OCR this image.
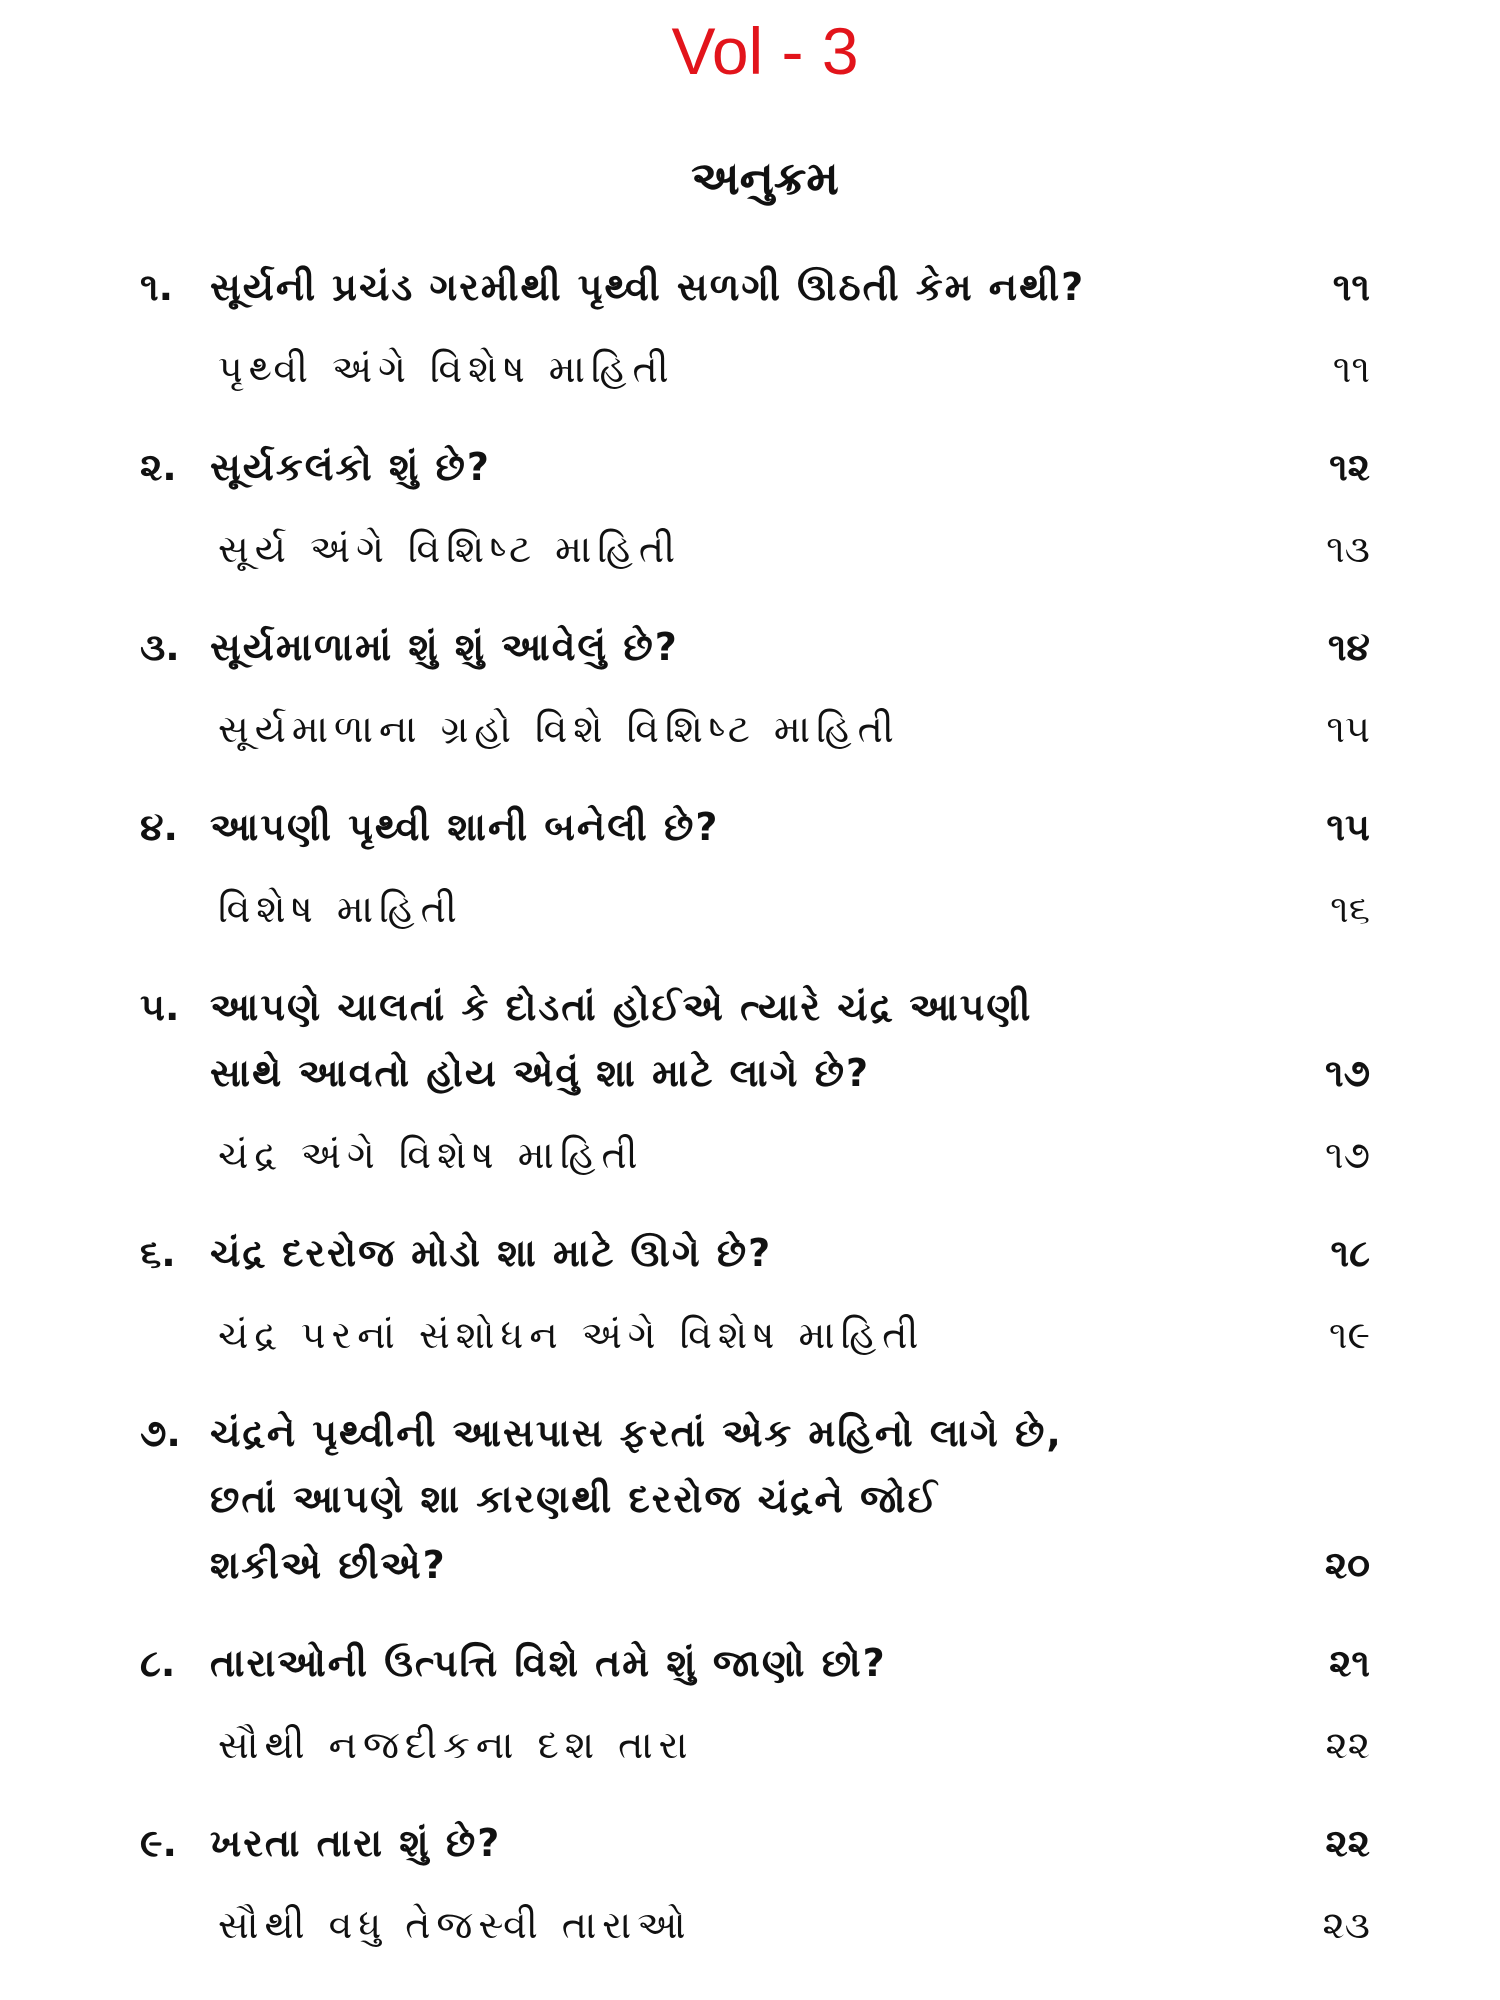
Vol - 3
અનુક્રમ
૧. સૂર્યની પ્રચંડ ગરમીથી પૃથ્વી સળગી ઊઠતી કેમ નથી?	૧૧
પૃથ્વી અંગે વિશેષ માહિતી	૧૧
૨. સૂર્યકલંકો શું છે?	૧૨
સૂર્ય અંગે વિશિષ્ટ માહિતી	૧૩
૩. સૂર્યમાળામાં શું શું આવેલું છે?	૧૪
સૂર્યમાળાના ગ્રહો વિશે વિશિષ્ટ માહિતી	૧૫
૪. આપણી પૃથ્વી શાની બનેલી છે?	૧૫
વિશેષ માહિતી	૧૬
૫. આપણે ચાલતાં કે દોડતાં હોઈએ ત્યારે ચંદ્ર આપણી
સાથે આવતો હોય એવું શા માટે લાગે છે?	૧૭
ચંદ્ર અંગે વિશેષ માહિતી	૧૭
૬. ચંદ્ર દરરોજ મોડો શા માટે ઊગે છે?	૧૮
ચંદ્ર પરનાં સંશોધન અંગે વિશેષ માહિતી	૧૯
૭. ચંદ્રને પૃથ્વીની આસપાસ ફરતાં એક મહિનો લાગે છે,
છતાં આપણે શા કારણથી દરરોજ ચંદ્રને જોઈ
શકીએ છીએ?	૨૦
૮. તારાઓની ઉત્પત્તિ વિશે તમે શું જાણો છો?	૨૧
સૌથી નજદીકના દશ તારા	૨૨
૯. ખરતા તારા શું છે?	૨૨
સૌથી વધુ તેજસ્વી તારાઓ	૨૩
